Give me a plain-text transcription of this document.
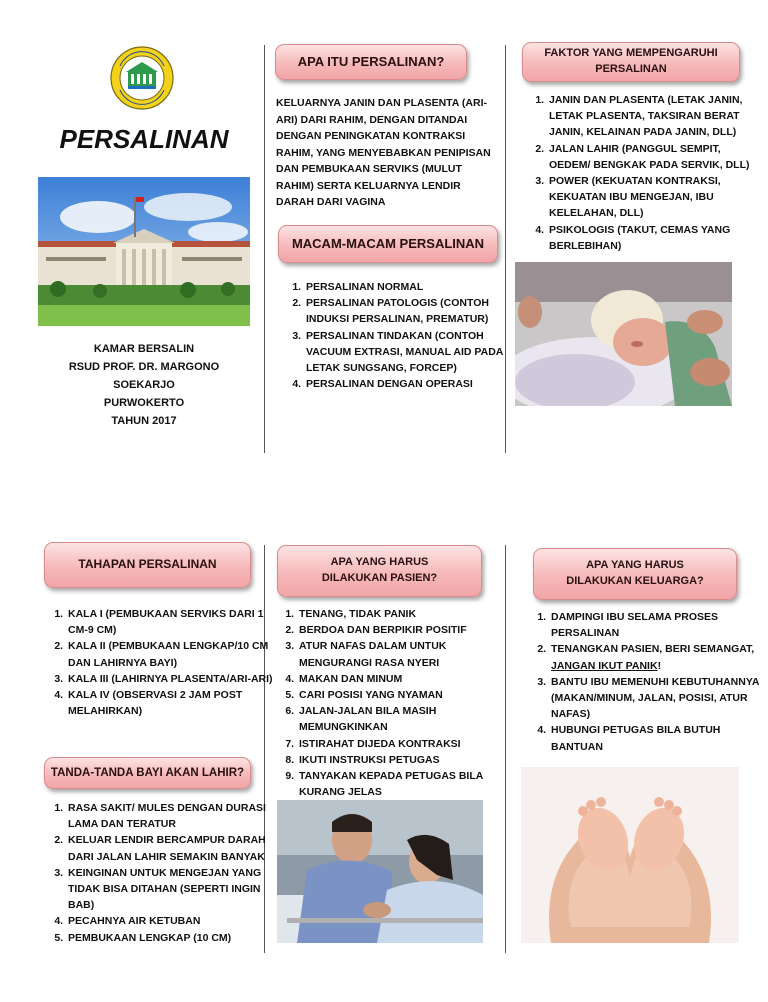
PERSALINAN
KAMAR BERSALIN
RSUD PROF. DR. MARGONO SOEKARJO
PURWOKERTO
TAHUN 2017
APA ITU PERSALINAN?
KELUARNYA JANIN DAN PLASENTA (ARI-ARI) DARI RAHIM, DENGAN DITANDAI DENGAN PENINGKATAN KONTRAKSI RAHIM, YANG MENYEBABKAN PENIPISAN DAN PEMBUKAAN SERVIKS (MULUT RAHIM) SERTA KELUARNYA LENDIR DARAH DARI VAGINA
MACAM-MACAM PERSALINAN
1. PERSALINAN NORMAL
2. PERSALINAN PATOLOGIS (CONTOH INDUKSI PERSALINAN, PREMATUR)
3. PERSALINAN TINDAKAN (CONTOH VACUUM EXTRASI, MANUAL AID PADA LETAK SUNGSANG, FORCEP)
4. PERSALINAN DENGAN OPERASI
FAKTOR YANG MEMPENGARUHI PERSALINAN
1. JANIN DAN PLASENTA (LETAK JANIN, LETAK PLASENTA, TAKSIRAN BERAT JANIN, KELAINAN PADA JANIN, DLL)
2. JALAN LAHIR (PANGGUL SEMPIT, OEDEM/ BENGKAK PADA SERVIK, DLL)
3. POWER (KEKUATAN KONTRAKSI, KEKUATAN IBU MENGEJAN, IBU KELELAHAN, DLL)
4. PSIKOLOGIS (TAKUT, CEMAS YANG BERLEBIHAN)
TAHAPAN PERSALINAN
1. KALA I (PEMBUKAAN SERVIKS DARI 1 CM-9 CM)
2. KALA II (PEMBUKAAN LENGKAP/10 CM DAN LAHIRNYA BAYI)
3. KALA III (LAHIRNYA PLASENTA/ARI-ARI)
4. KALA IV (OBSERVASI 2 JAM POST MELAHIRKAN)
TANDA-TANDA BAYI AKAN LAHIR?
1. RASA SAKIT/ MULES DENGAN DURASI LAMA DAN TERATUR
2. KELUAR LENDIR BERCAMPUR DARAH DARI JALAN LAHIR SEMAKIN BANYAK
3. KEINGINAN UNTUK MENGEJAN YANG TIDAK BISA DITAHAN (SEPERTI INGIN BAB)
4. PECAHNYA AIR KETUBAN
5. PEMBUKAAN LENGKAP (10 CM)
APA YANG HARUS DILAKUKAN PASIEN?
1. TENANG, TIDAK PANIK
2. BERDOA DAN BERPIKIR POSITIF
3. ATUR NAFAS DALAM UNTUK MENGURANGI RASA NYERI
4. MAKAN DAN MINUM
5. CARI POSISI YANG NYAMAN
6. JALAN-JALAN BILA MASIH MEMUNGKINKAN
7. ISTIRAHAT DIJEDA KONTRAKSI
8. IKUTI INSTRUKSI PETUGAS
9. TANYAKAN KEPADA PETUGAS BILA KURANG JELAS
APA YANG HARUS DILAKUKAN KELUARGA?
1. DAMPINGI IBU SELAMA PROSES PERSALINAN
2. TENANGKAN PASIEN, BERI SEMANGAT, JANGAN IKUT PANIK!
3. BANTU IBU MEMENUHI KEBUTUHANNYA (MAKAN/MINUM, JALAN, POSISI, ATUR NAFAS)
4. HUBUNGI PETUGAS BILA BUTUH BANTUAN
